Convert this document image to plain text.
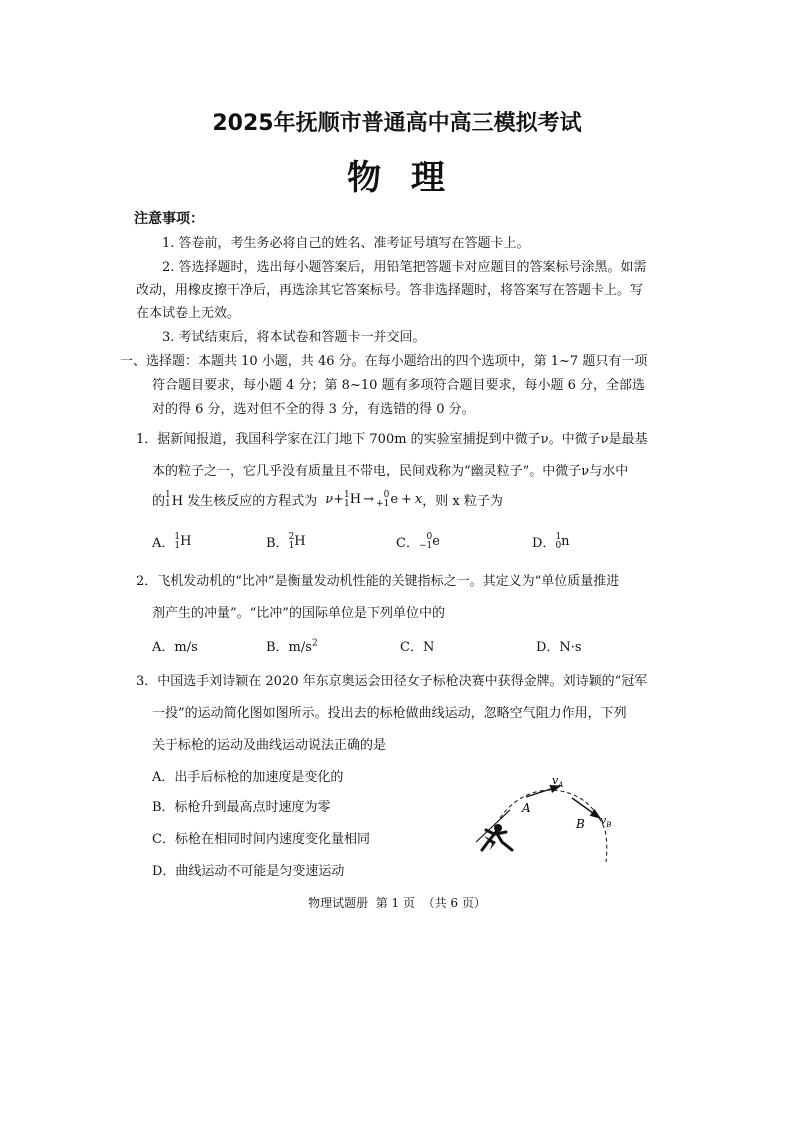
2025年抚顺市普通高中高三模拟考试
物  理
注意事项：
1. 答卷前，考生务必将自己的姓名、准考证号填写在答题卡上。
2. 答选择题时，选出每小题答案后，用铅笔把答题卡对应题目的答案标号涂黑。如需
改动，用橡皮擦干净后，再选涂其它答案标号。答非选择题时，将答案写在答题卡上。写
在本试卷上无效。
3. 考试结束后，将本试卷和答题卡一并交回。
一、选择题：本题共 10 小题，共 46 分。在每小题给出的四个选项中，第 1~7 题只有一项
符合题目要求，每小题 4 分；第 8~10 题有多项符合题目要求，每小题 6 分，全部选
对的得 6 分，选对但不全的得 3 分，有选错的得 0 分。
1．据新闻报道，我国科学家在江门地下 700m 的实验室捕捉到中微子ν。中微子ν是最基
本的粒子之一，它几乎没有质量且不带电，民间戏称为“幽灵粒子”。中微子ν与水中
的 1
1 H 发生核反应的方程式为 ν + 1
1 H →	0
+1 e + x ，则 x 粒子为
A． 1
1 H	B． 2
1 H	C． 0
−1 e	D． 1
0 n
2．飞机发动机的“比冲”是衡量发动机性能的关键指标之一。其定义为“单位质量推进
剂产生的冲量”。“比冲”的国际单位是下列单位中的
A．m/s	B．$m/s^2$	C．N	D．N·s
3．中国选手刘诗颖在 2020 年东京奥运会田径女子标枪决赛中获得金牌。刘诗颖的“冠军
一投”的运动简化图如图所示。投出去的标枪做曲线运动，忽略空气阻力作用，下列
关于标枪的运动及曲线运动说法正确的是
A．出手后标枪的加速度是变化的
B．标枪升到最高点时速度为零
C．标枪在相同时间内速度变化量相同
D．曲线运动不可能是匀变速运动
A
B
$v_A$
$v_B$
物理试题册  第 1 页  （共 6 页）
